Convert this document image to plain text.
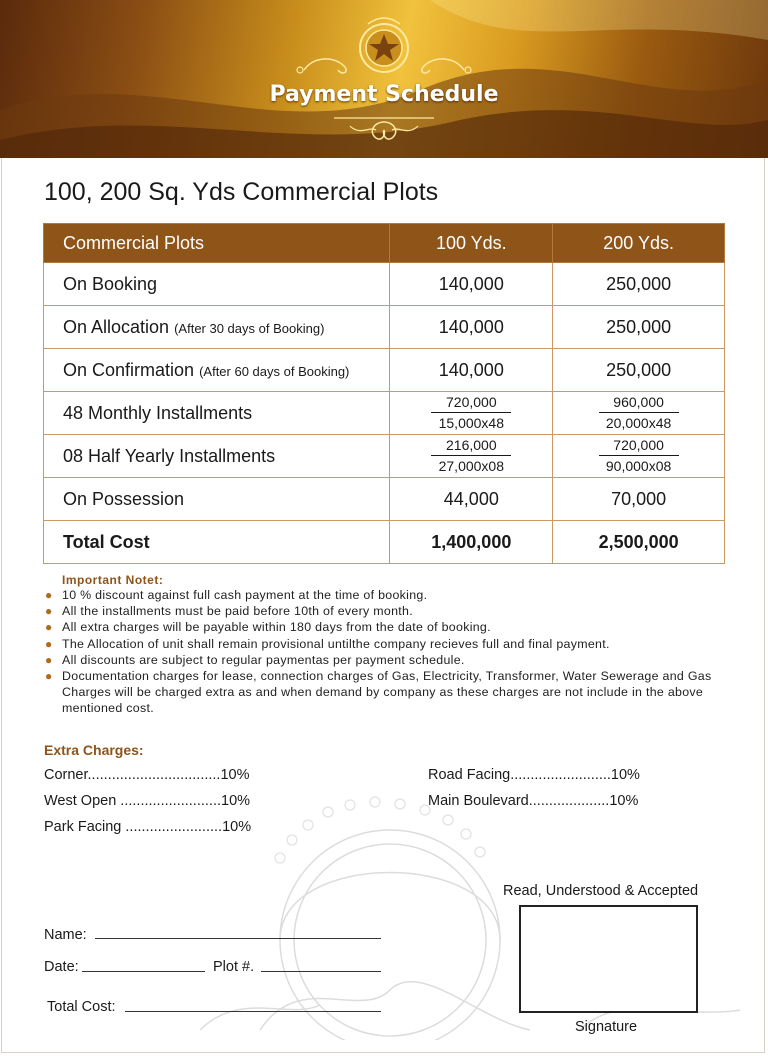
Payment Schedule
100, 200 Sq. Yds Commercial Plots
Commercial Plots	100 Yds.	200 Yds.
On Booking	140,000	250,000
On Allocation (After 30 days of Booking)	140,000	250,000
On Confirmation (After 60 days of Booking)	140,000	250,000
48 Monthly Installments	$\frac{720,000}{15,000x48}$	$\frac{960,000}{20,000x48}$

08 Half Yearly Installments	$\frac{216,000}{27,000x08}$	$\frac{720,000}{90,000x08}$

On Possession	44,000	70,000
Total Cost	1,400,000	2,500,000
Important Notet:
● 10 % discount against full cash payment at the time of booking.
● All the installments must be paid before 10th of every month.
● All extra charges will be payable within 180 days from the date of booking.
● The Allocation of unit shall remain provisional untilthe company recieves full and final payment.
● All discounts are subject to regular paymentas per payment schedule.
● Documentation charges for lease, connection charges of Gas, Electricity, Transformer, Water Sewerage and Gas Charges will be charged extra as and when demand by company as these charges are not include in the above mentioned cost.
Extra Charges:
Corner.................................10%
West Open .........................10%
Park Facing ........................10%
Road Facing.........................10%
Main Boulevard....................10%
Name:
Date:	Plot #.
Total Cost:
Read, Understood & Accepted
Signature
